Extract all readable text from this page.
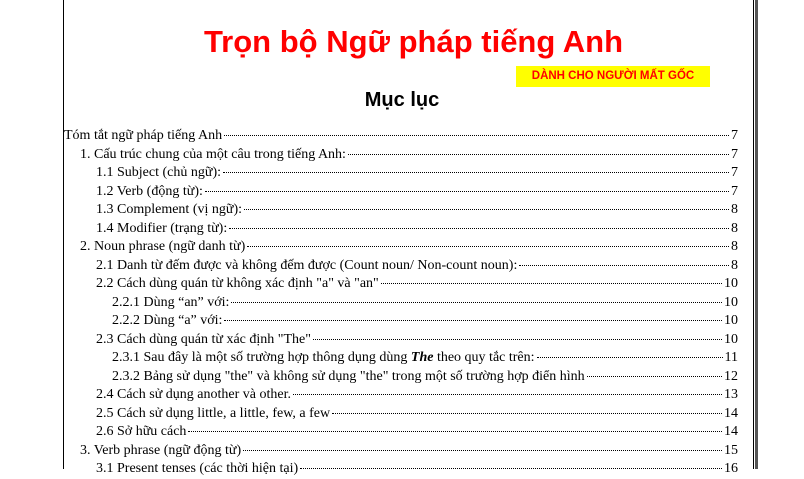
Trọn bộ Ngữ pháp tiếng Anh
DÀNH CHO NGƯỜI MẤT GỐC
Mục lục
Tóm tắt ngữ pháp tiếng Anh	7
1. Cấu trúc chung của một câu trong tiếng Anh:	7
1.1 Subject (chủ ngữ):	7
1.2 Verb (động từ):	7
1.3 Complement (vị ngữ):	8
1.4 Modifier (trạng từ):	8
2. Noun phrase (ngữ danh từ)	8
2.1 Danh từ đếm được và không đếm được (Count noun/ Non-count noun):	8
2.2 Cách dùng quán từ không xác định "a" và "an"	10
2.2.1 Dùng “an” với:	10
2.2.2 Dùng “a” với:	10
2.3 Cách dùng quán từ xác định "The"	10
2.3.1 Sau đây là một số trường hợp thông dụng dùng The theo quy tắc trên:	11
2.3.2 Bảng sử dụng "the" và không sử dụng "the" trong một số trường hợp điển hình	12
2.4 Cách sử dụng another và other.	13
2.5 Cách sử dụng little, a little, few, a few	14
2.6 Sở hữu cách	14
3. Verb phrase (ngữ động từ)	15
3.1 Present tenses (các thời hiện tại)	16
